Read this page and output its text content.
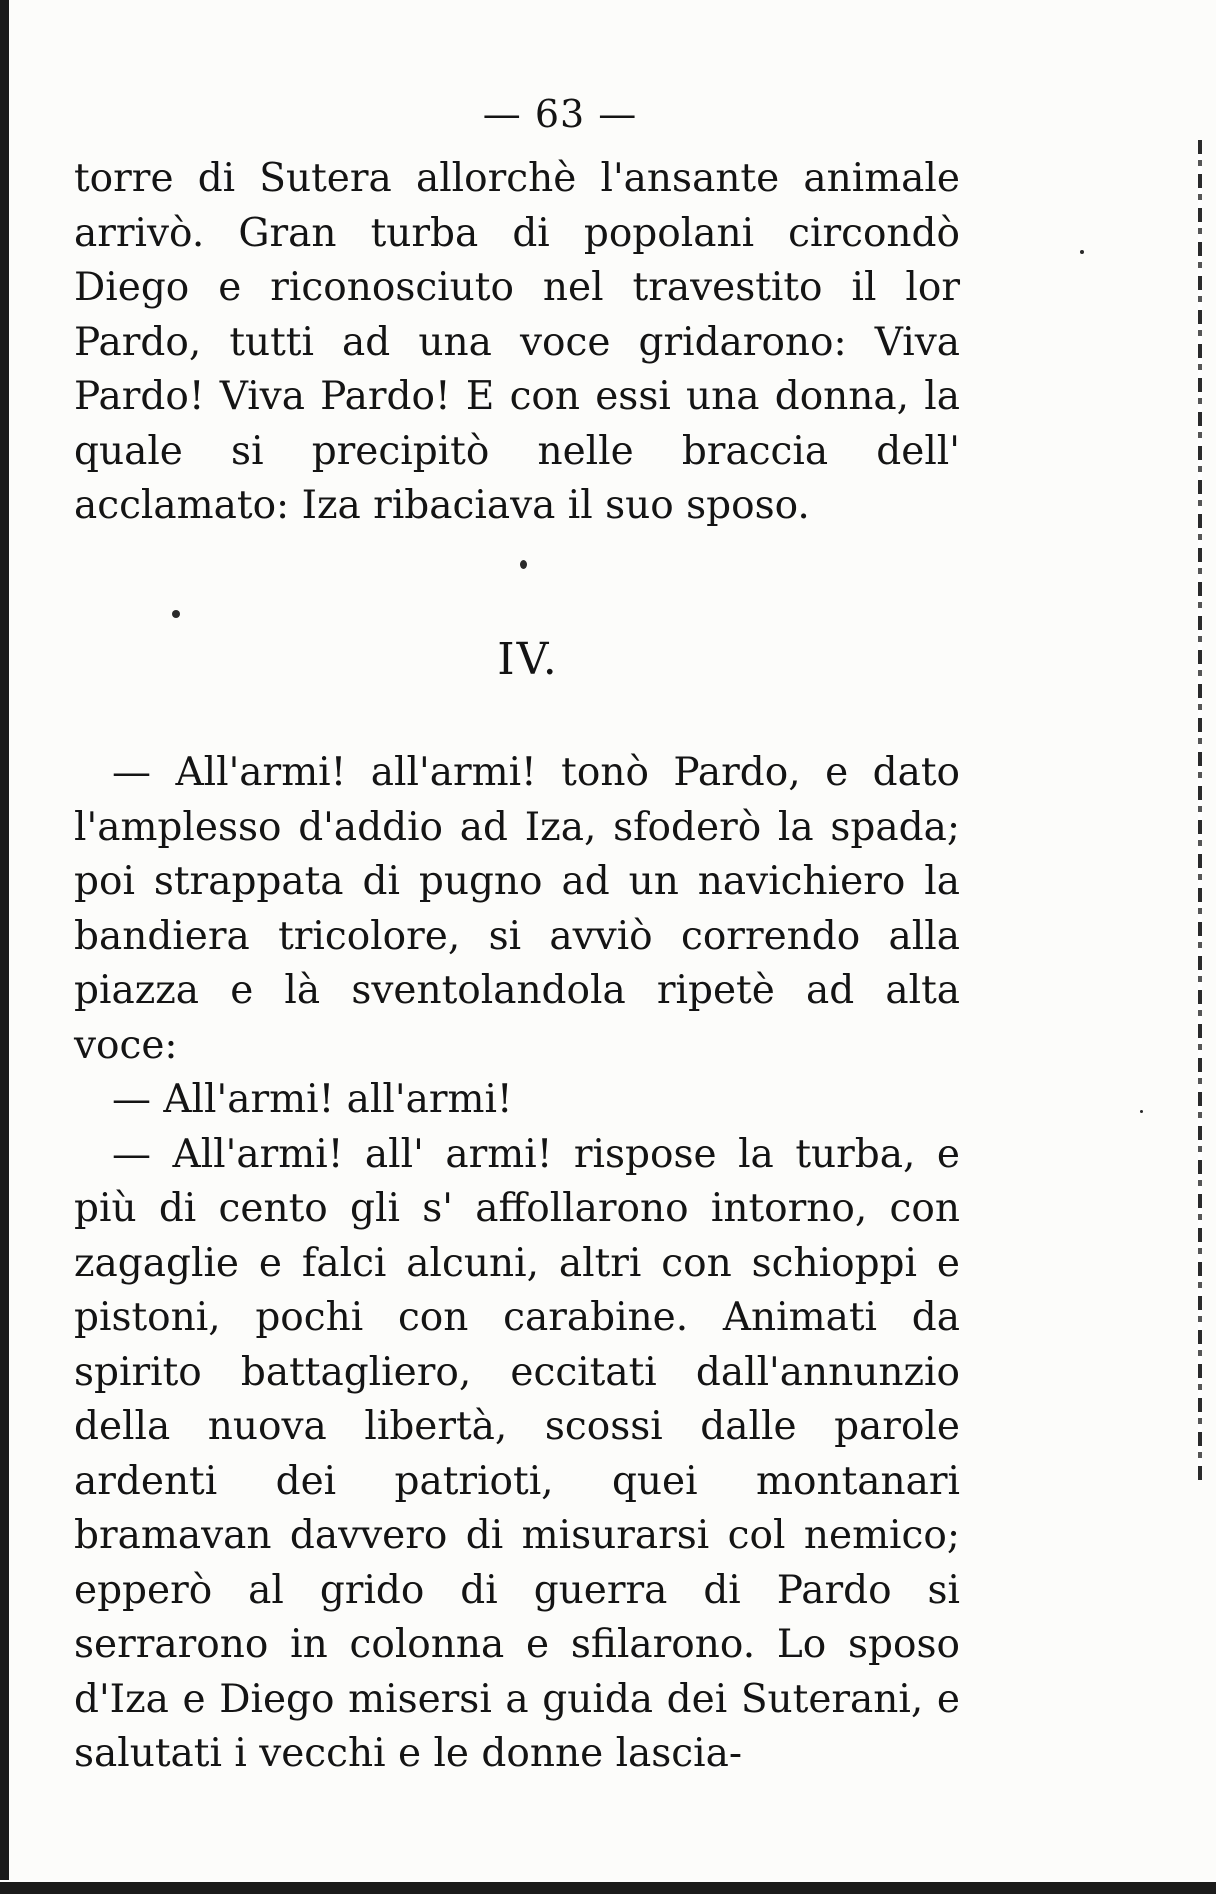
— 63 —

torre di Sutera allorchè l'ansante animale arrivò. Gran turba di popolani circondò Diego e riconosciuto nel travestito il lor Pardo, tutti ad una voce gridarono: Viva Pardo! Viva Pardo! E con essi una donna, la quale si precipitò nelle braccia dell' acclamato: Iza ribaciava il suo sposo.

IV.

— All'armi! all'armi! tonò Pardo, e dato l'amplesso d'addio ad Iza, sfoderò la spada; poi strappata di pugno ad un navichiero la bandiera tricolore, si avviò correndo alla piazza e là sventolandola ripetè ad alta voce:

— All'armi! all'armi!

— All'armi! all' armi! rispose la turba, e più di cento gli s' affollarono intorno, con zagaglie e falci alcuni, altri con schioppi e pistoni, pochi con carabine. Animati da spirito battagliero, eccitati dall'annunzio della nuova libertà, scossi dalle parole ardenti dei patrioti, quei montanari bramavan davvero di misurarsi col nemico; epperò al grido di guerra di Pardo si serrarono in colonna e sfilarono. Lo sposo d'Iza e Diego misersi a guida dei Suterani, e salutati i vecchi e le donne lascia-
